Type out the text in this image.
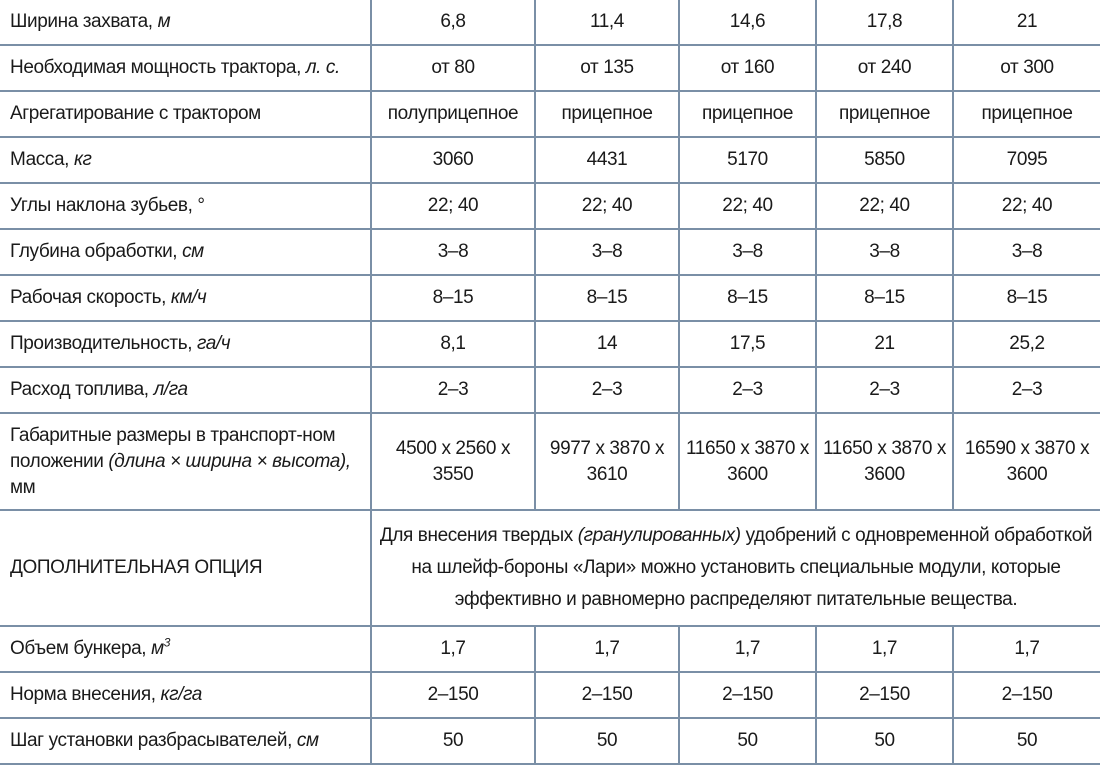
Ширина захвата, м	6,8	11,4	14,6	17,8	21
Необходимая мощность трактора, л. с.	от 80	от 135	от 160	от 240	от 300
Агрегатирование с трактором	полуприцепное	прицепное	прицепное	прицепное	прицепное
Масса, кг	3060	4431	5170	5850	7095
Углы наклона зубьев, °	22; 40	22; 40	22; 40	22; 40	22; 40
Глубина обработки, см	3–8	3–8	3–8	3–8	3–8
Рабочая скорость, км/ч	8–15	8–15	8–15	8–15	8–15
Производительность, га/ч	8,1	14	17,5	21	25,2
Расход топлива, л/га	2–3	2–3	2–3	2–3	2–3
Габаритные размеры в транспорт-ном положении (длина × ширина × высота), мм	4500 х 2560 х 3550	9977 х 3870 х 3610	11650 х 3870 х 3600	11650 х 3870 х 3600	16590 х 3870 х 3600
ДОПОЛНИТЕЛЬНАЯ ОПЦИЯ	Для внесения твердых (гранулированных) удобрений с одновременной обработкой на шлейф-бороны «Лари» можно установить специальные модули, которые эффективно и равномерно распределяют питательные вещества.				
Объем бункера, $м^3$	1,7	1,7	1,7	1,7	1,7
Норма внесения, кг/га	2–150	2–150	2–150	2–150	2–150
Шаг установки разбрасывателей, см	50	50	50	50	50
